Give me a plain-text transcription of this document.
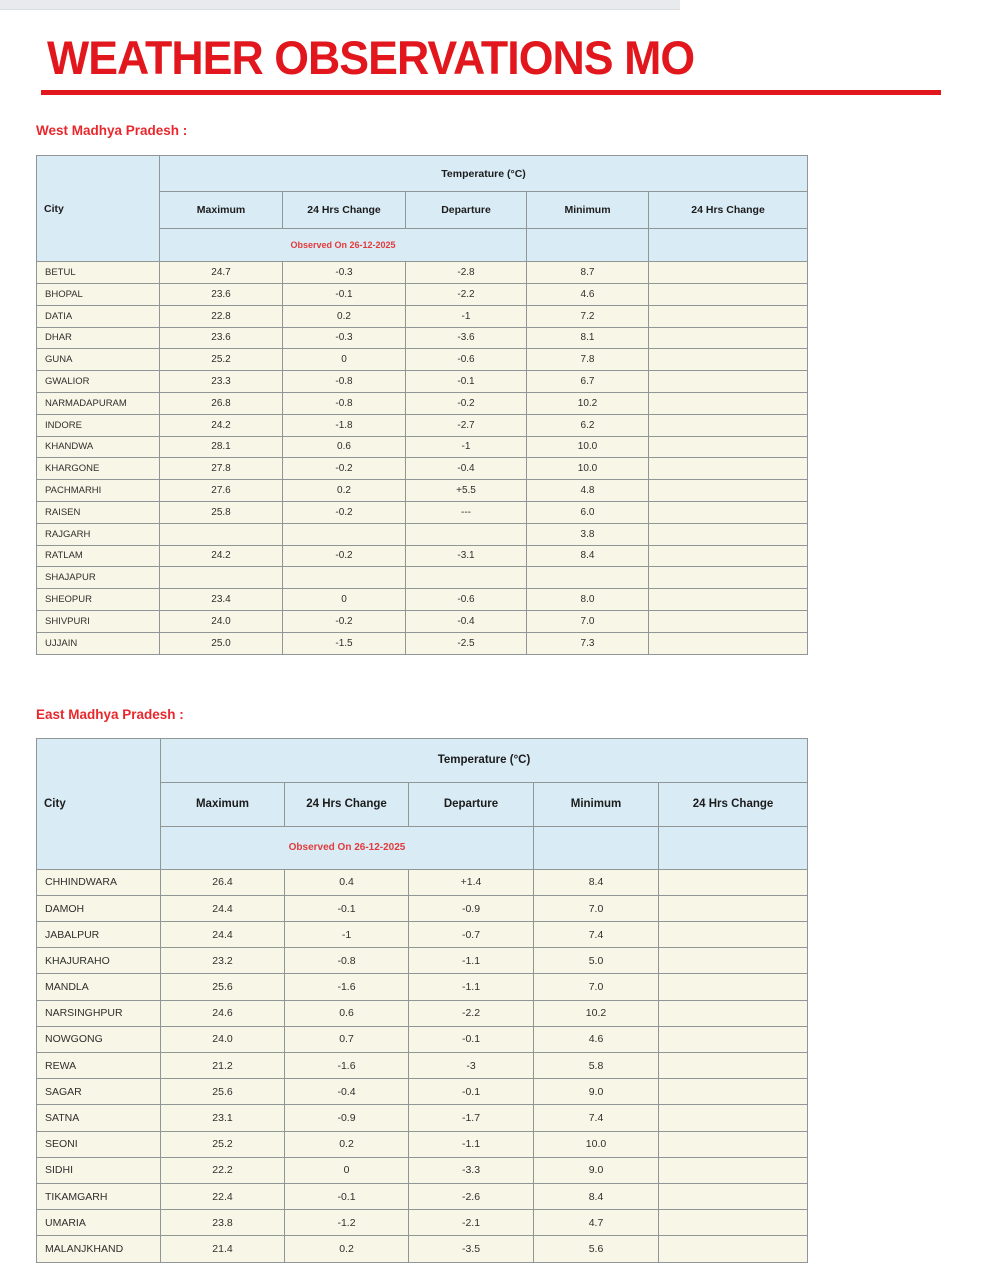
WEATHER OBSERVATIONS MO
West Madhya Pradesh :
City	Temperature (°C)				
	Maximum	24 Hrs Change	Departure	Minimum	24 Hrs Change
	Observed On 26-12-2025				
BETUL	24.7	-0.3	-2.8	8.7	
BHOPAL	23.6	-0.1	-2.2	4.6	
DATIA	22.8	0.2	-1	7.2	
DHAR	23.6	-0.3	-3.6	8.1	
GUNA	25.2	0	-0.6	7.8	
GWALIOR	23.3	-0.8	-0.1	6.7	
NARMADAPURAM	26.8	-0.8	-0.2	10.2	
INDORE	24.2	-1.8	-2.7	6.2	
KHANDWA	28.1	0.6	-1	10.0	
KHARGONE	27.8	-0.2	-0.4	10.0	
PACHMARHI	27.6	0.2	+5.5	4.8	
RAISEN	25.8	-0.2	---	6.0	
RAJGARH				3.8	
RATLAM	24.2	-0.2	-3.1	8.4	
SHAJAPUR					
SHEOPUR	23.4	0	-0.6	8.0	
SHIVPURI	24.0	-0.2	-0.4	7.0	
UJJAIN	25.0	-1.5	-2.5	7.3	
East Madhya Pradesh :
City	Temperature (°C)				
	Maximum	24 Hrs Change	Departure	Minimum	24 Hrs Change
	Observed On 26-12-2025				
CHHINDWARA	26.4	0.4	+1.4	8.4	
DAMOH	24.4	-0.1	-0.9	7.0	
JABALPUR	24.4	-1	-0.7	7.4	
KHAJURAHO	23.2	-0.8	-1.1	5.0	
MANDLA	25.6	-1.6	-1.1	7.0	
NARSINGHPUR	24.6	0.6	-2.2	10.2	
NOWGONG	24.0	0.7	-0.1	4.6	
REWA	21.2	-1.6	-3	5.8	
SAGAR	25.6	-0.4	-0.1	9.0	
SATNA	23.1	-0.9	-1.7	7.4	
SEONI	25.2	0.2	-1.1	10.0	
SIDHI	22.2	0	-3.3	9.0	
TIKAMGARH	22.4	-0.1	-2.6	8.4	
UMARIA	23.8	-1.2	-2.1	4.7	
MALANJKHAND	21.4	0.2	-3.5	5.6	
